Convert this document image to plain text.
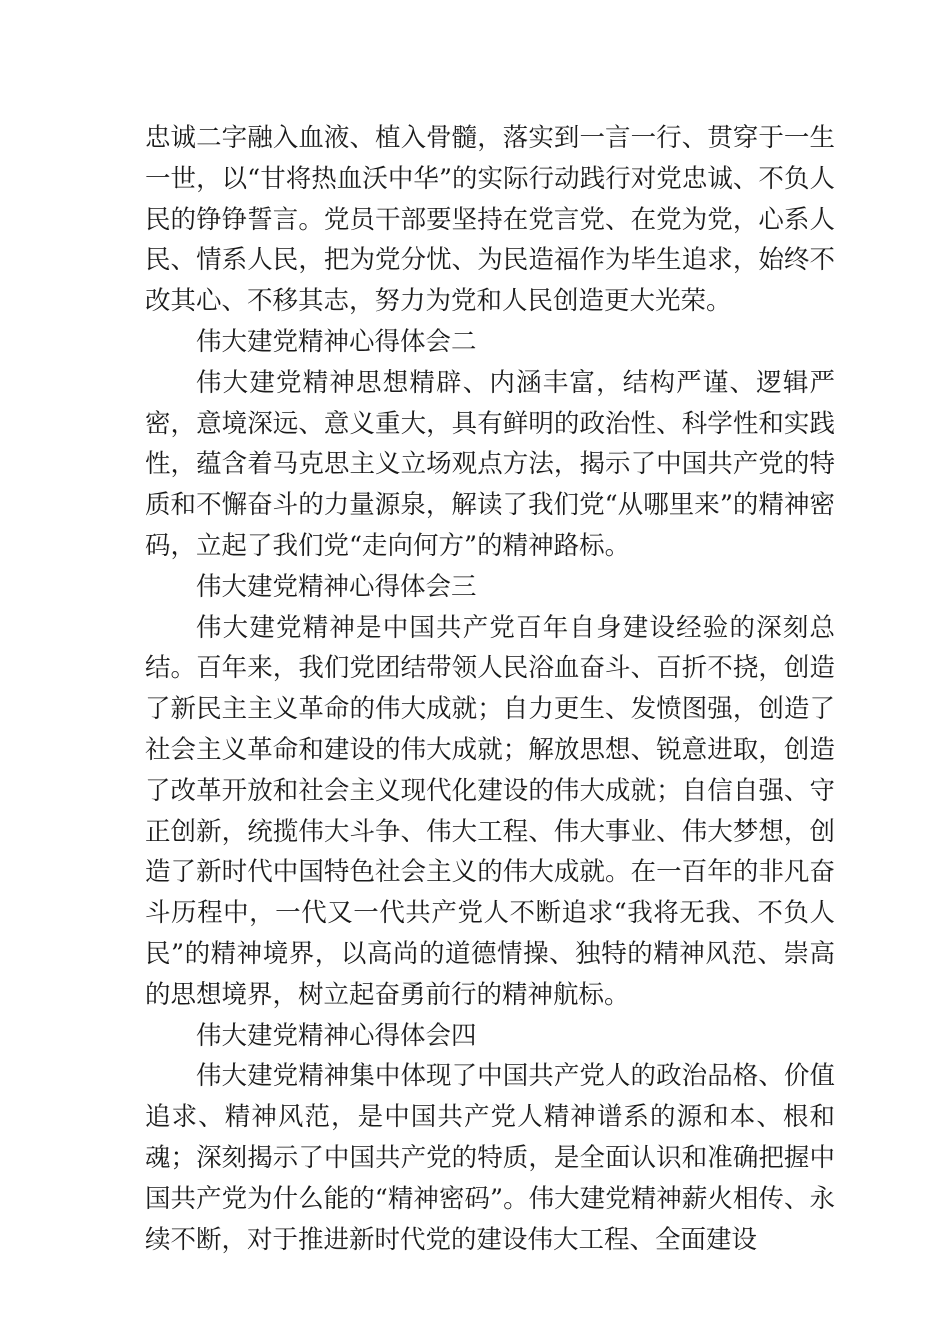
忠诚二字融入血液、植入骨髓，落实到一言一行、贯穿于一生一世，以“甘将热血沃中华”的实际行动践行对党忠诚、不负人民的铮铮誓言。党员干部要坚持在党言党、在党为党，心系人民、情系人民，把为党分忧、为民造福作为毕生追求，始终不改其心、不移其志，努力为党和人民创造更大光荣。

伟大建党精神心得体会二

伟大建党精神思想精辟、内涵丰富，结构严谨、逻辑严密，意境深远、意义重大，具有鲜明的政治性、科学性和实践性，蕴含着马克思主义立场观点方法，揭示了中国共产党的特质和不懈奋斗的力量源泉，解读了我们党“从哪里来”的精神密码，立起了我们党“走向何方”的精神路标。

伟大建党精神心得体会三

伟大建党精神是中国共产党百年自身建设经验的深刻总结。百年来，我们党团结带领人民浴血奋斗、百折不挠，创造了新民主主义革命的伟大成就；自力更生、发愤图强，创造了社会主义革命和建设的伟大成就；解放思想、锐意进取，创造了改革开放和社会主义现代化建设的伟大成就；自信自强、守正创新，统揽伟大斗争、伟大工程、伟大事业、伟大梦想，创造了新时代中国特色社会主义的伟大成就。在一百年的非凡奋斗历程中，一代又一代共产党人不断追求“我将无我、不负人民”的精神境界，以高尚的道德情操、独特的精神风范、崇高的思想境界，树立起奋勇前行的精神航标。

伟大建党精神心得体会四

伟大建党精神集中体现了中国共产党人的政治品格、价值追求、精神风范，是中国共产党人精神谱系的源和本、根和魂；深刻揭示了中国共产党的特质，是全面认识和准确把握中国共产党为什么能的“精神密码”。伟大建党精神薪火相传、永续不断，对于推进新时代党的建设伟大工程、全面建设
